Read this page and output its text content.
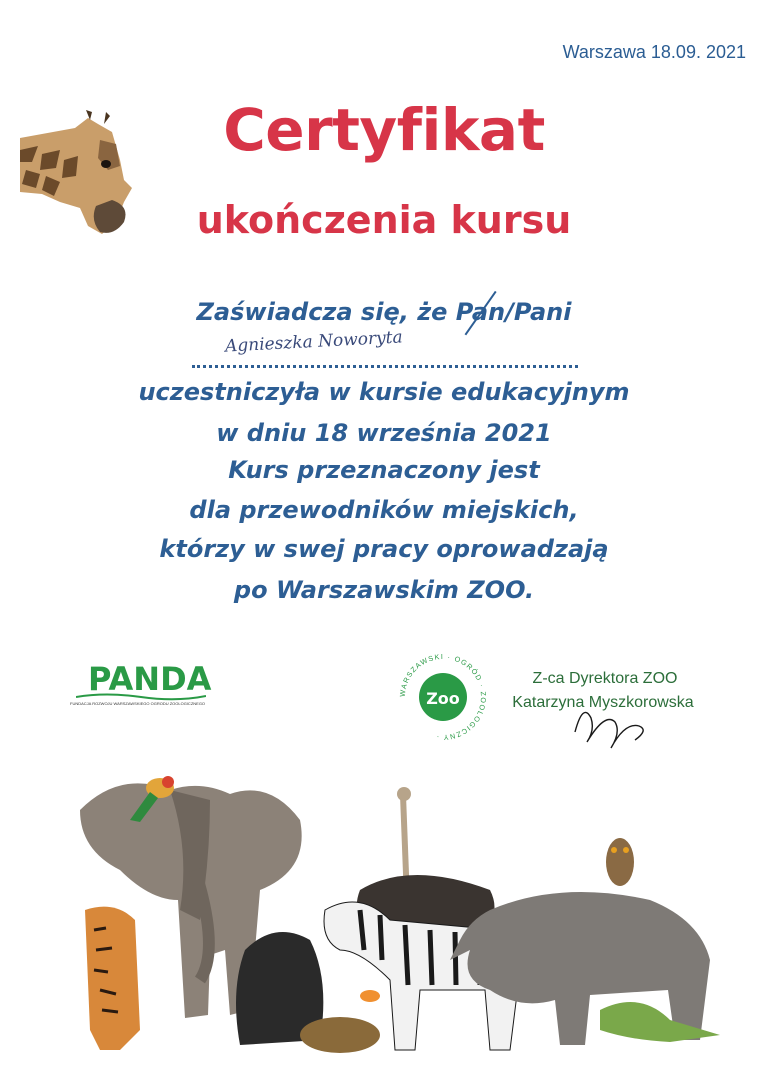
Warszawa 18.09. 2021
Certyfikat
ukończenia kursu
Zaświadcza się, że Pan/Pani
Agnieszka Noworyta
uczestniczyła w kursie edukacyjnym
w dniu 18 września 2021
Kurs przeznaczony jest
dla przewodników miejskich,
którzy w swej pracy oprowadzają
po Warszawskim ZOO.
PANDA
FUNDACJA ROZWOJU WARSZAWSKIEGO OGRODU ZOOLOGICZNEGO
WARSZAWSKI · OGRÓD · ZOOLOGICZNY ·
Zoo
Z-ca Dyrektora ZOO
Katarzyna Myszkorowska
